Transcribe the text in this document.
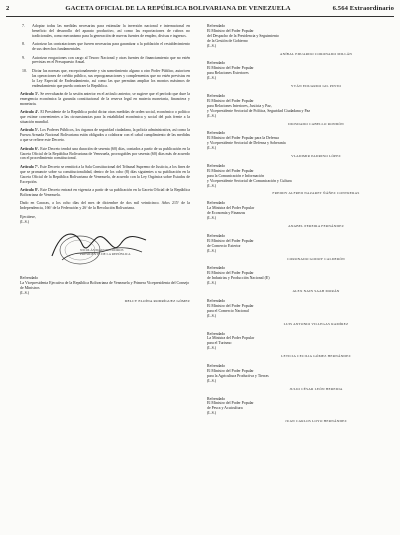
2	GACETA OFICIAL DE LA REPÚBLICA BOLIVARIANA DE VENEZUELA	6.564 Extraordinario
7. Adoptar todas las medidas necesarias para estimular la inversión nacional e internacional en beneficio del desarrollo del aparato productivo, así como las exportaciones de rubros no tradicionales, como mecanismo para la generación de nuevas fuentes de empleo, divisas e ingresos.
8. Autorizar las contrataciones que fueren necesarias para garantizar a la población el restablecimiento de sus derechos fundamentales.
9. Autorizar erogaciones con cargo al Tesoro Nacional y otras fuentes de financiamiento que no estén previstas en el Presupuesto Anual.
10. Dictar las normas que, excepcionalmente y sin sometimiento alguno a otro Poder Público, autoricen las operaciones de crédito público, sus reprogramaciones y complementos que no estén previstas en la Ley Especial de Endeudamiento, así como las que permitan ampliar los montos máximos de endeudamiento que pueda contraer la República.
Artículo 3º. Se reevaluarán de la sesión anterior en el artículo anterior, se sugiere que el período que dure la emergencia económica la garantía constitucional de la reserva legal en materia monetaria, financiera y monetaria.
Artículo 4º. El Presidente de la República podrá dictar otras medidas de orden social, económico o político que estime convenientes a las circunstancias para la estabilidad económica y social del país frente a la situación mundial.
Artículo 5º. Los Poderes Públicos, los órganos de seguridad ciudadana, la policía administrativa, así como la Fuerza Armada Nacional Bolivariana están obligados a colaborar con el cabal cumplimiento de las medidas a que se refiere este Decreto.
Artículo 6º. Este Decreto tendrá una duración de sesenta (60) días, contados a partir de su publicación en la Gaceta Oficial de la República Bolivariana de Venezuela, prorrogables por sesenta (60) días más de acuerdo con el procedimiento constitucional.
Artículo 7º. Este Decreto se remitirá a la Sala Constitucional del Tribunal Supremo de Justicia, a los fines de que se pronuncie sobre su constitucionalidad, dentro de los ocho (8) días siguientes a su publicación en la Gaceta Oficial de la República Bolivariana de Venezuela, de acuerdo con la Ley Orgánica sobre Estados de Excepción.
Artículo 8º. Este Decreto entrará en vigencia a partir de su publicación en la Gaceta Oficial de la República Bolivariana de Venezuela.
Dado en Caracas, a los ocho días del mes de diciembre de dos mil veinticinco. Años 215º de la Independencia, 166º de la Federación y 26º de la Revolución Bolivariana.
Ejecútese,
(L.S.)
NICOLÁS MADURO MOROS
PRESIDENTE DE LA REPÚBLICA
Refrendado
La Vicepresidenta Ejecutiva de la República Bolivariana de Venezuela y Primera Vicepresidenta del Consejo de Ministros
(L.S.)
DELCY ELOÍNA RODRÍGUEZ GÓMEZ
Refrendado
El Ministro del Poder Popular
del Despacho de la Presidencia y Seguimiento
de la Gestión de Gobierno
(L.S.)
ANÍBAL EDUARDO CORONADO MILLÁN
Refrendado
El Ministro del Poder Popular
para Relaciones Exteriores
(L.S.)
YVÁN EDUARDO GIL PINTO
Refrendado
El Ministro del Poder Popular
para Relaciones Interiores, Justicia y Paz,
y Vicepresidente Sectorial de Política, Seguridad Ciudadana y Paz
(L.S.)
DIOSDADO CABELLO RONDÓN
Refrendado
El Ministro del Poder Popular para la Defensa
y Vicepresidente Sectorial de Defensa y Soberanía
(L.S.)
VLADIMIR PADRINO LÓPEZ
Refrendado
El Ministro del Poder Popular
para la Comunicación e Información
y Vicepresidente Sectorial de Comunicación y Cultura
(L.S.)
FREDDY ALFRED NAZARET ÑÁÑEZ CONTRERAS
Refrendado
La Ministra del Poder Popular
de Economía y Finanzas
(L.S.)
ANABEL PEREIRA FERNÁNDEZ
Refrendado
El Ministro del Poder Popular
de Comercio Exterior
(L.S.)
CORONADO GODOY CALDERÓN
Refrendado
El Ministro del Poder Popular
de Industrias y Producción Nacional (E)
(L.S.)
ALEX NAIN SAAB MORÁN
Refrendado
El Ministro del Poder Popular
para el Comercio Nacional
(L.S.)
LUIS ANTONIO VILLEGAS RAMÍREZ
Refrendado
La Ministra del Poder Popular
para el Turismo
(L.S.)
LETICIA CECILIA GÓMEZ HERNÁNDEZ
Refrendado
El Ministro del Poder Popular
para la Agricultura Productiva y Tierras
(L.S.)
JULIO CÉSAR LEÓN HEREDIA
Refrendado
El Ministro del Poder Popular
de Pesca y Acuicultura
(L.S.)
JUAN CARLOS LOYO HERNÁNDEZ
